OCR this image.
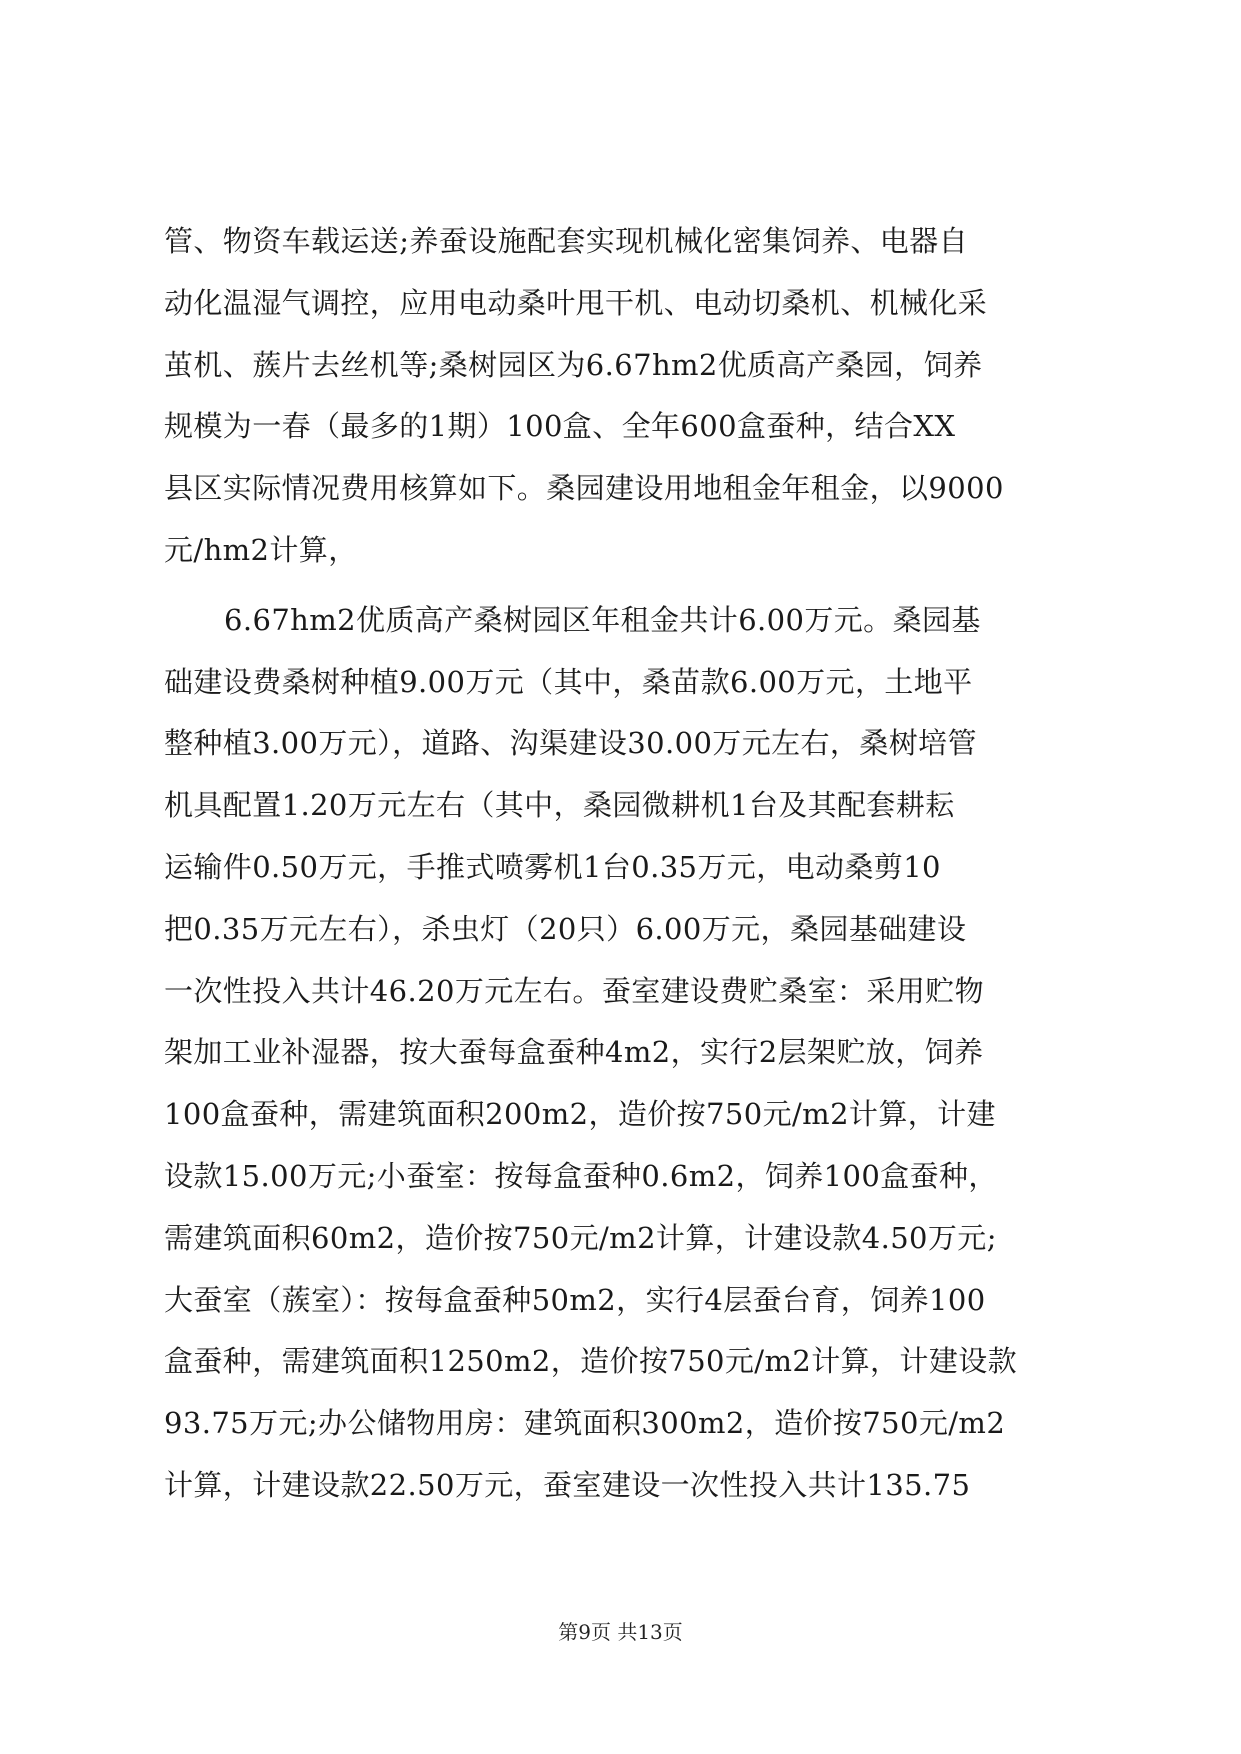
管、物资车载运送;养蚕设施配套实现机械化密集饲养、电器自
动化温湿气调控，应用电动桑叶甩干机、电动切桑机、机械化采
茧机、蔟片去丝机等;桑树园区为6.67hm2优质高产桑园，饲养
规模为一春（最多的1期）100盒、全年600盒蚕种，结合XX
县区实际情况费用核算如下。桑园建设用地租金年租金，以9000
元/hm2计算，
6.67hm2优质高产桑树园区年租金共计6.00万元。桑园基
础建设费桑树种植9.00万元（其中，桑苗款6.00万元，土地平
整种植3.00万元），道路、沟渠建设30.00万元左右，桑树培管
机具配置1.20万元左右（其中，桑园微耕机1台及其配套耕耘
运输件0.50万元，手推式喷雾机1台0.35万元，电动桑剪10
把0.35万元左右），杀虫灯（20只）6.00万元，桑园基础建设
一次性投入共计46.20万元左右。蚕室建设费贮桑室：采用贮物
架加工业补湿器，按大蚕每盒蚕种4m2，实行2层架贮放，饲养
100盒蚕种，需建筑面积200m2，造价按750元/m2计算，计建
设款15.00万元;小蚕室：按每盒蚕种0.6m2，饲养100盒蚕种，
需建筑面积60m2，造价按750元/m2计算，计建设款4.50万元;
大蚕室（蔟室）：按每盒蚕种50m2，实行4层蚕台育，饲养100
盒蚕种，需建筑面积1250m2，造价按750元/m2计算，计建设款
93.75万元;办公储物用房：建筑面积300m2，造价按750元/m2
计算，计建设款22.50万元，蚕室建设一次性投入共计135.75
第9页 共13页
